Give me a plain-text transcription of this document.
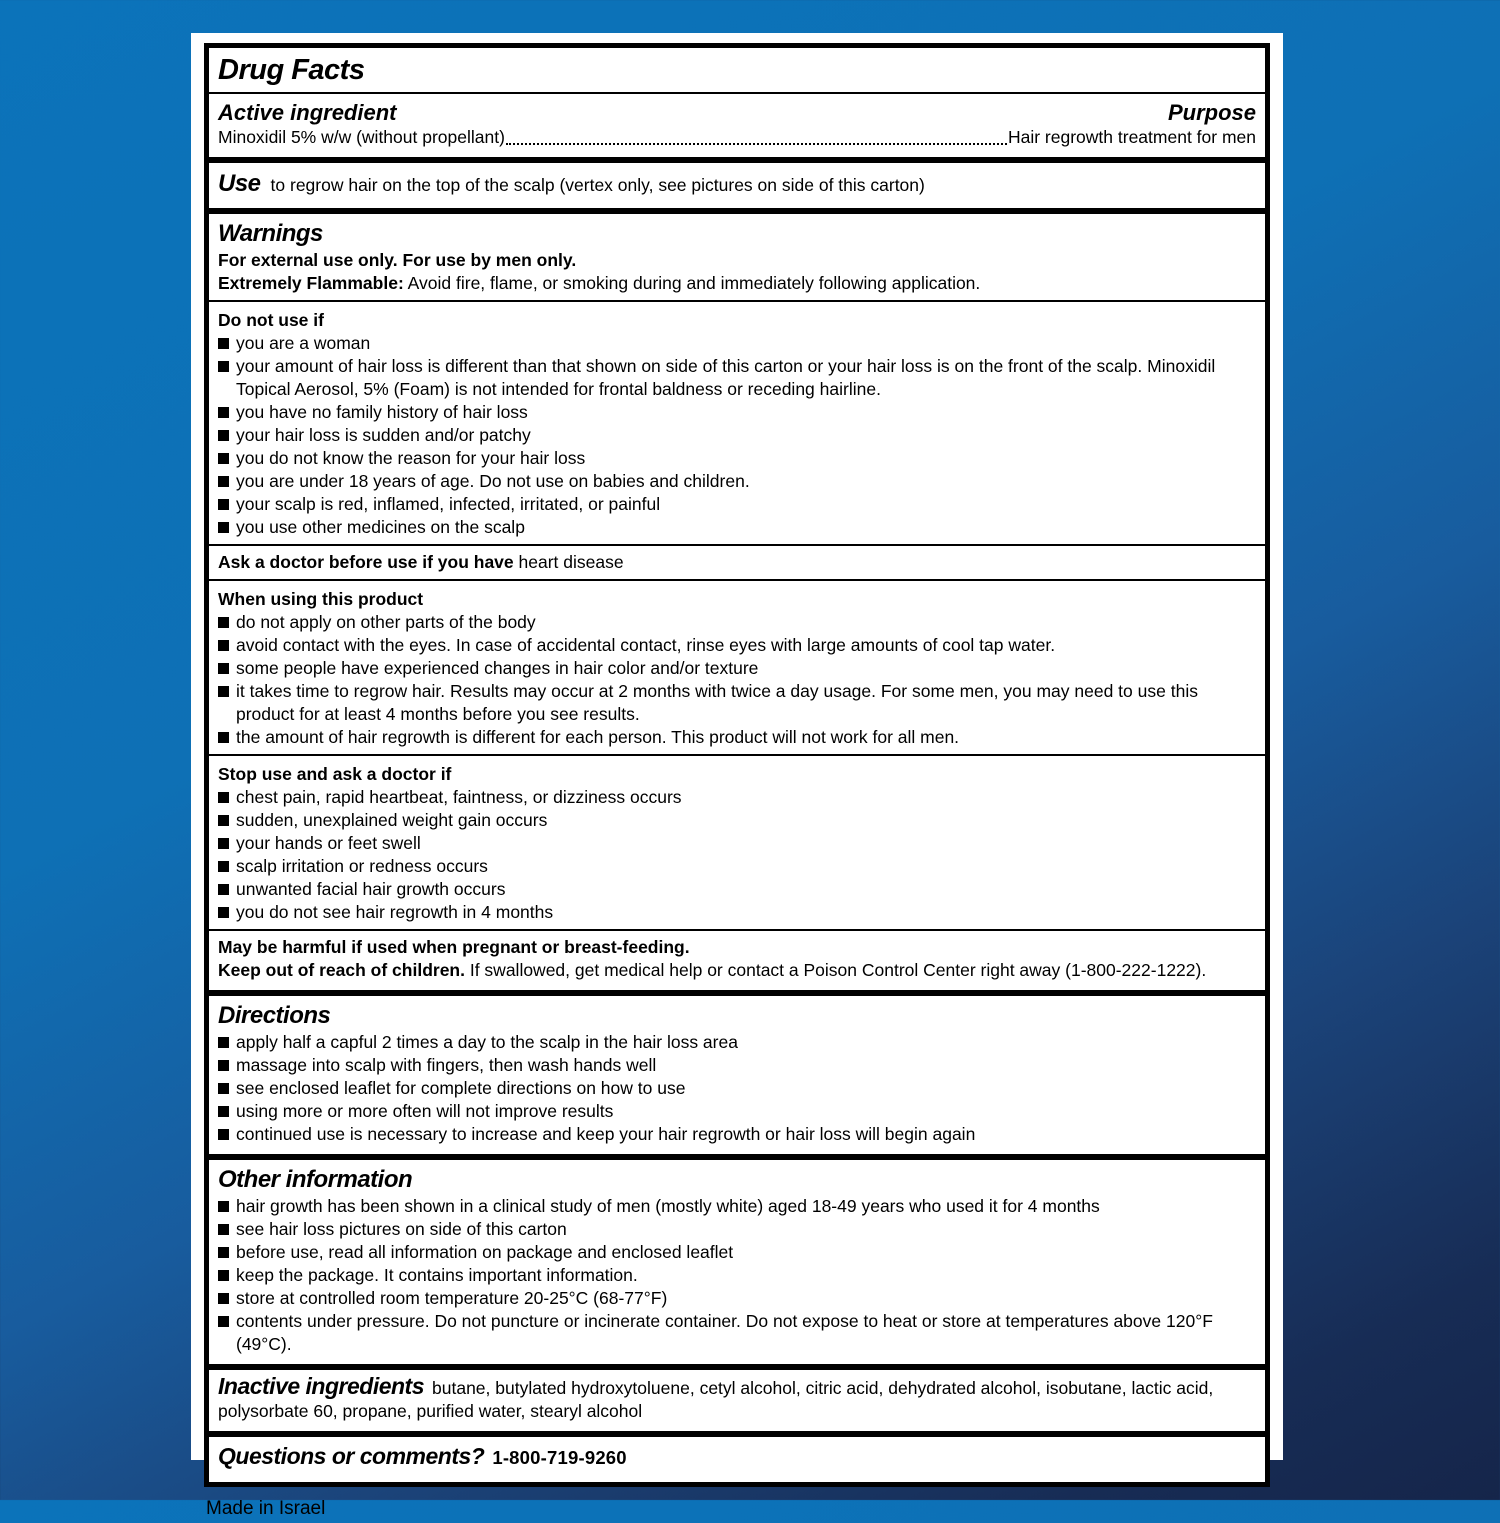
Drug Facts
Active ingredient	Purpose
Minoxidil 5% w/w (without propellant)	Hair regrowth treatment for men
Use to regrow hair on the top of the scalp (vertex only, see pictures on side of this carton)

Warnings

For external use only. For use by men only.

Extremely Flammable: Avoid fire, flame, or smoking during and immediately following application.

Do not use if

you are a woman
your amount of hair loss is different than that shown on side of this carton or your hair loss is on the front of the scalp. Minoxidil Topical Aerosol, 5% (Foam) is not intended for frontal baldness or receding hairline.
you have no family history of hair loss
your hair loss is sudden and/or patchy
you do not know the reason for your hair loss
you are under 18 years of age. Do not use on babies and children.
your scalp is red, inflamed, infected, irritated, or painful
you use other medicines on the scalp

Ask a doctor before use if you have heart disease

When using this product

do not apply on other parts of the body
avoid contact with the eyes. In case of accidental contact, rinse eyes with large amounts of cool tap water.
some people have experienced changes in hair color and/or texture
it takes time to regrow hair. Results may occur at 2 months with twice a day usage. For some men, you may need to use this product for at least 4 months before you see results.
the amount of hair regrowth is different for each person. This product will not work for all men.

Stop use and ask a doctor if

chest pain, rapid heartbeat, faintness, or dizziness occurs
sudden, unexplained weight gain occurs
your hands or feet swell
scalp irritation or redness occurs
unwanted facial hair growth occurs
you do not see hair regrowth in 4 months

May be harmful if used when pregnant or breast-feeding.

Keep out of reach of children. If swallowed, get medical help or contact a Poison Control Center right away (1-800-222-1222).

Directions
apply half a capful 2 times a day to the scalp in the hair loss area
massage into scalp with fingers, then wash hands well
see enclosed leaflet for complete directions on how to use
using more or more often will not improve results
continued use is necessary to increase and keep your hair regrowth or hair loss will begin again
Other information
hair growth has been shown in a clinical study of men (mostly white) aged 18-49 years who used it for 4 months
see hair loss pictures on side of this carton
before use, read all information on package and enclosed leaflet
keep the package. It contains important information.
store at controlled room temperature 20-25°C (68-77°F)
contents under pressure. Do not puncture or incinerate container. Do not expose to heat or store at temperatures above 120°F (49°C).

Inactive ingredients butane, butylated hydroxytoluene, cetyl alcohol, citric acid, dehydrated alcohol, isobutane, lactic acid, polysorbate 60, propane, purified water, stearyl alcohol

Questions or comments? 1-800-719-9260

Made in Israel
